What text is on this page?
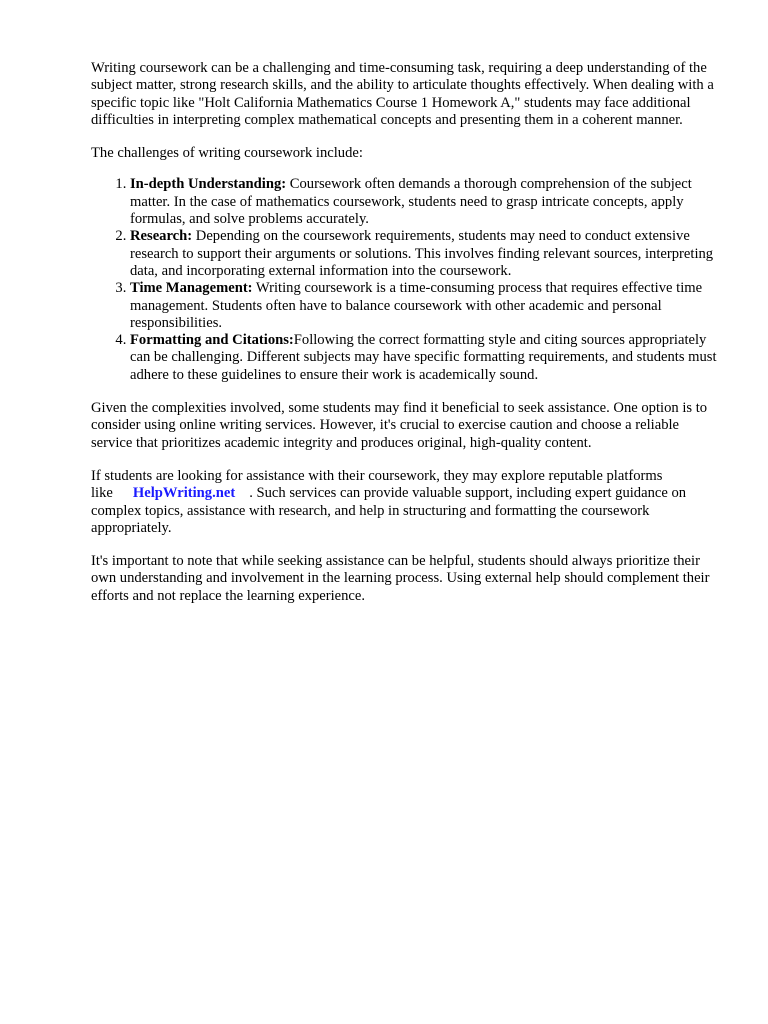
Writing coursework can be a challenging and time-consuming task, requiring a deep understanding of the subject matter, strong research skills, and the ability to articulate thoughts effectively. When dealing with a specific topic like "Holt California Mathematics Course 1 Homework A," students may face additional difficulties in interpreting complex mathematical concepts and presenting them in a coherent manner.

The challenges of writing coursework include:

1. In-depth Understanding: Coursework often demands a thorough comprehension of the subject matter. In the case of mathematics coursework, students need to grasp intricate concepts, apply formulas, and solve problems accurately.
2. Research: Depending on the coursework requirements, students may need to conduct extensive research to support their arguments or solutions. This involves finding relevant sources, interpreting data, and incorporating external information into the coursework.
3. Time Management: Writing coursework is a time-consuming process that requires effective time management. Students often have to balance coursework with other academic and personal responsibilities.
4. Formatting and Citations:Following the correct formatting style and citing sources appropriately can be challenging. Different subjects may have specific formatting requirements, and students must adhere to these guidelines to ensure their work is academically sound.

Given the complexities involved, some students may find it beneficial to seek assistance. One option is to consider using online writing services. However, it's crucial to exercise caution and choose a reliable service that prioritizes academic integrity and produces original, high-quality content.

If students are looking for assistance with their coursework, they may explore reputable platforms like HelpWriting.net . Such services can provide valuable support, including expert guidance on complex topics, assistance with research, and help in structuring and formatting the coursework appropriately.

It's important to note that while seeking assistance can be helpful, students should always prioritize their own understanding and involvement in the learning process. Using external help should complement their efforts and not replace the learning experience.
